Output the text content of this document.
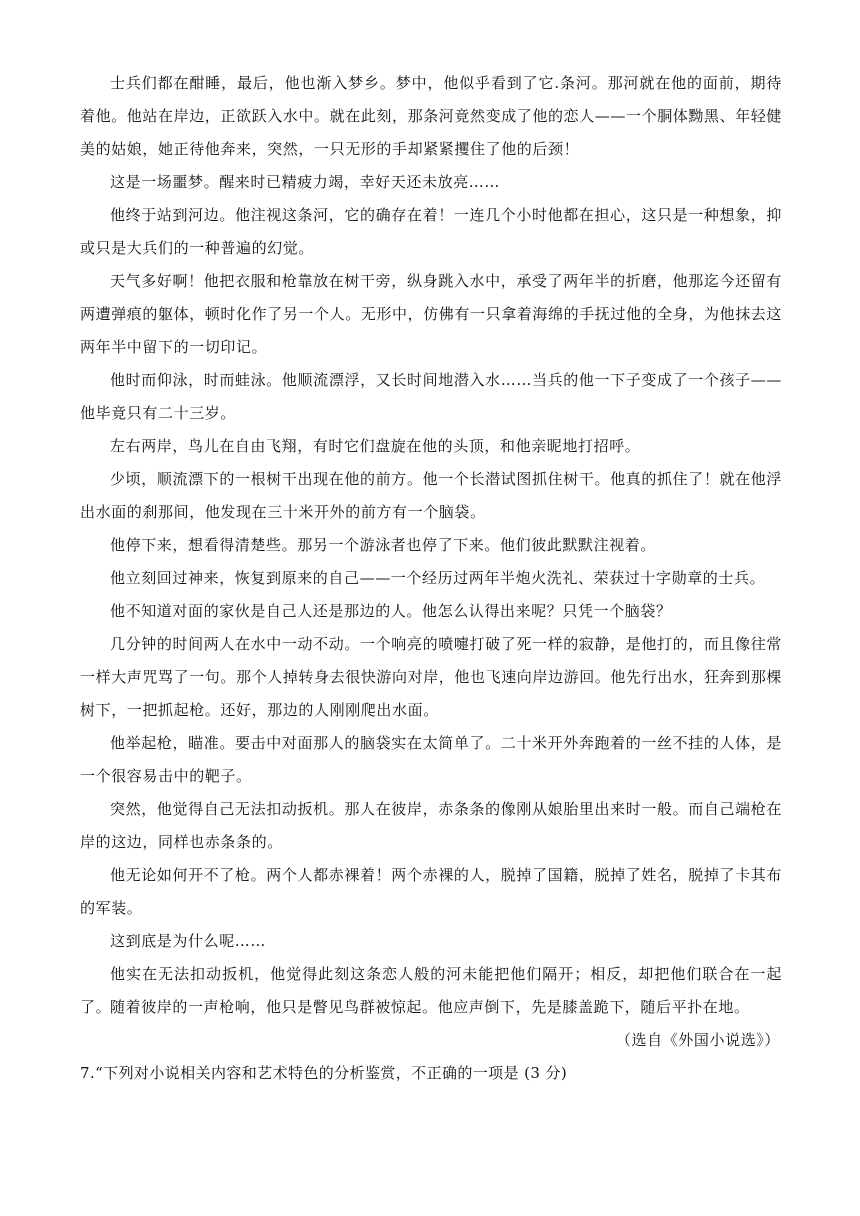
士兵们都在酣睡，最后，他也渐入梦乡。梦中，他似乎看到了它.条河。那河就在他的面前，期待着他。他站在岸边，正欲跃入水中。就在此刻，那条河竟然变成了他的恋人——一个胴体黝黑、年轻健美的姑娘，她正待他奔来，突然，一只无形的手却紧紧攫住了他的后颈！

这是一场噩梦。醒来时已精疲力竭，幸好天还未放亮……

他终于站到河边。他注视这条河，它的确存在着！一连几个小时他都在担心，这只是一种想象，抑或只是大兵们的一种普遍的幻觉。

天气多好啊！他把衣服和枪靠放在树干旁，纵身跳入水中，承受了两年半的折磨，他那迄今还留有两遭弹痕的躯体，顿时化作了另一个人。无形中，仿佛有一只拿着海绵的手抚过他的全身，为他抹去这两年半中留下的一切印记。

他时而仰泳，时而蛙泳。他顺流漂浮，又长时间地潜入水……当兵的他一下子变成了一个孩子——他毕竟只有二十三岁。

左右两岸，鸟儿在自由飞翔，有时它们盘旋在他的头顶，和他亲昵地打招呼。

少顷，顺流漂下的一根树干出现在他的前方。他一个长潜试图抓住树干。他真的抓住了！就在他浮出水面的刹那间，他发现在三十米开外的前方有一个脑袋。

他停下来，想看得清楚些。那另一个游泳者也停了下来。他们彼此默默注视着。

他立刻回过神来，恢复到原来的自己——一个经历过两年半炮火洗礼、荣获过十字勋章的士兵。

他不知道对面的家伙是自己人还是那边的人。他怎么认得出来呢？只凭一个脑袋？

几分钟的时间两人在水中一动不动。一个响亮的喷嚏打破了死一样的寂静，是他打的，而且像往常一样大声咒骂了一句。那个人掉转身去很快游向对岸，他也飞速向岸边游回。他先行出水，狂奔到那棵树下，一把抓起枪。还好，那边的人刚刚爬出水面。

他举起枪，瞄准。要击中对面那人的脑袋实在太简单了。二十米开外奔跑着的一丝不挂的人体，是一个很容易击中的靶子。

突然，他觉得自己无法扣动扳机。那人在彼岸，赤条条的像刚从娘胎里出来时一般。而自己端枪在岸的这边，同样也赤条条的。

他无论如何开不了枪。两个人都赤裸着！两个赤裸的人，脱掉了国籍，脱掉了姓名，脱掉了卡其布的军装。

这到底是为什么呢……

他实在无法扣动扳机，他觉得此刻这条恋人般的河未能把他们隔开；相反，却把他们联合在一起了。

随着彼岸的一声枪响，他只是瞥见鸟群被惊起。他应声倒下，先是膝盖跪下，随后平扑在地。

（选自《外国小说选》）

7.“下列对小说相关内容和艺术特色的分析鉴赏，不正确的一项是 (3 分)
